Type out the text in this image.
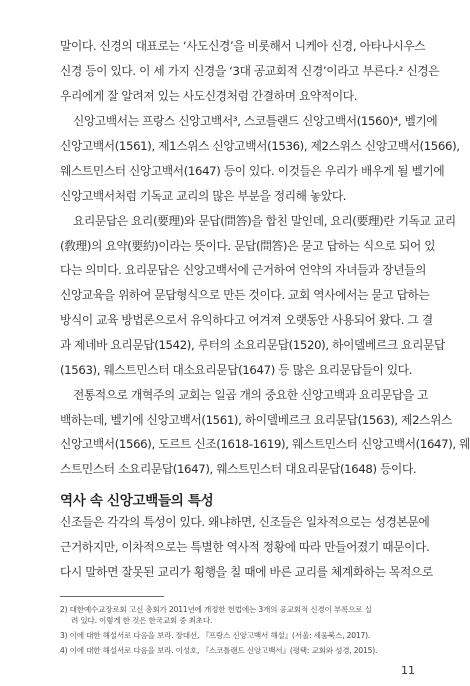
말이다. 신경의 대표로는 ‘사도신경’을 비롯해서 니케아 신경, 아타나시우스
신경 등이 있다. 이 세 가지 신경을 ‘3대 공교회적 신경’이라고 부른다.² 신경은
우리에게 잘 알려져 있는 사도신경처럼 간결하며 요약적이다.
신앙고백서는 프랑스 신앙고백서³, 스코틀랜드 신앙고백서(1560)⁴, 벨기에
신앙고백서(1561), 제1스위스 신앙고백서(1536), 제2스위스 신앙고백서(1566),
웨스트민스터 신앙고백서(1647) 등이 있다. 이것들은 우리가 배우게 될 벨기에
신앙고백서처럼 기독교 교리의 많은 부분을 정리해 놓았다.
요리문답은 요리(要理)와 문답(問答)을 합친 말인데, 요리(要理)란 기독교 교리
(敎理)의 요약(要約)이라는 뜻이다. 문답(問答)은 묻고 답하는 식으로 되어 있
다는 의미다. 요리문답은 신앙고백서에 근거하여 언약의 자녀들과 장년들의
신앙교육을 위하여 문답형식으로 만든 것이다. 교회 역사에서는 묻고 답하는
방식이 교육 방법론으로서 유익하다고 여겨져 오랫동안 사용되어 왔다. 그 결
과 제네바 요리문답(1542), 루터의 소요리문답(1520), 하이델베르크 요리문답
(1563), 웨스트민스터 대소요리문답(1647) 등 많은 요리문답들이 있다.
전통적으로 개혁주의 교회는 일곱 개의 중요한 신앙고백과 요리문답을 고
백하는데, 벨기에 신앙고백서(1561), 하이델베르크 요리문답(1563), 제2스위스
신앙고백서(1566), 도르트 신조(1618-1619), 웨스트민스터 신앙고백서(1647), 웨
스트민스터 소요리문답(1647), 웨스트민스터 대요리문답(1648) 등이다.
역사 속 신앙고백들의 특성
신조들은 각각의 특성이 있다. 왜냐하면, 신조들은 일차적으로는 성경본문에
근거하지만, 이차적으로는 특별한 역사적 정황에 따라 만들어졌기 때문이다.
다시 말하면 잘못된 교리가 횡행을 칠 때에 바른 교리를 체계화하는 목적으로
2) 대한예수교장로회 고신 총회가 2011년에 개정한 헌법에는 3개의 공교회적 신경이 부록으로 실
려 있다. 이렇게 한 것은 한국교회 중 최초다.
3) 이에 대한 해설서로 다음을 보라. 장대선, 『프랑스 신앙고백서 해설』(서울: 세움북스, 2017).
4) 이에 대한 해설서로 다음을 보라. 이성호, 『스코틀랜드 신앙고백서』(평택: 교회와 성경, 2015).
11
